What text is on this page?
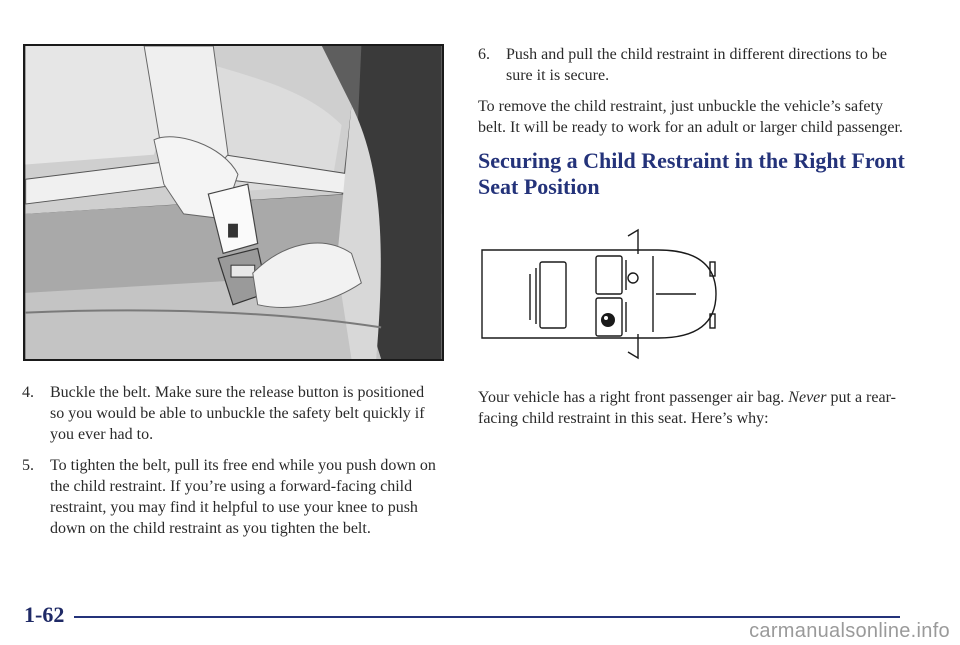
4.	Buckle the belt. Make sure the release button is positioned so you would be able to unbuckle the safety belt quickly if you ever had to.
5.	To tighten the belt, pull its free end while you push down on the child restraint. If you’re using a forward-facing child restraint, you may find it helpful to use your knee to push down on the child restraint as you tighten the belt.
6.	Push and pull the child restraint in different directions to be sure it is secure.

To remove the child restraint, just unbuckle the vehicle’s safety belt. It will be ready to work for an adult or larger child passenger.

Securing a Child Restraint in the Right Front Seat Position
Your vehicle has a right front passenger air bag. Never put a rear-facing child restraint in this seat. Here’s why:
1-62
carmanualsonline.info
